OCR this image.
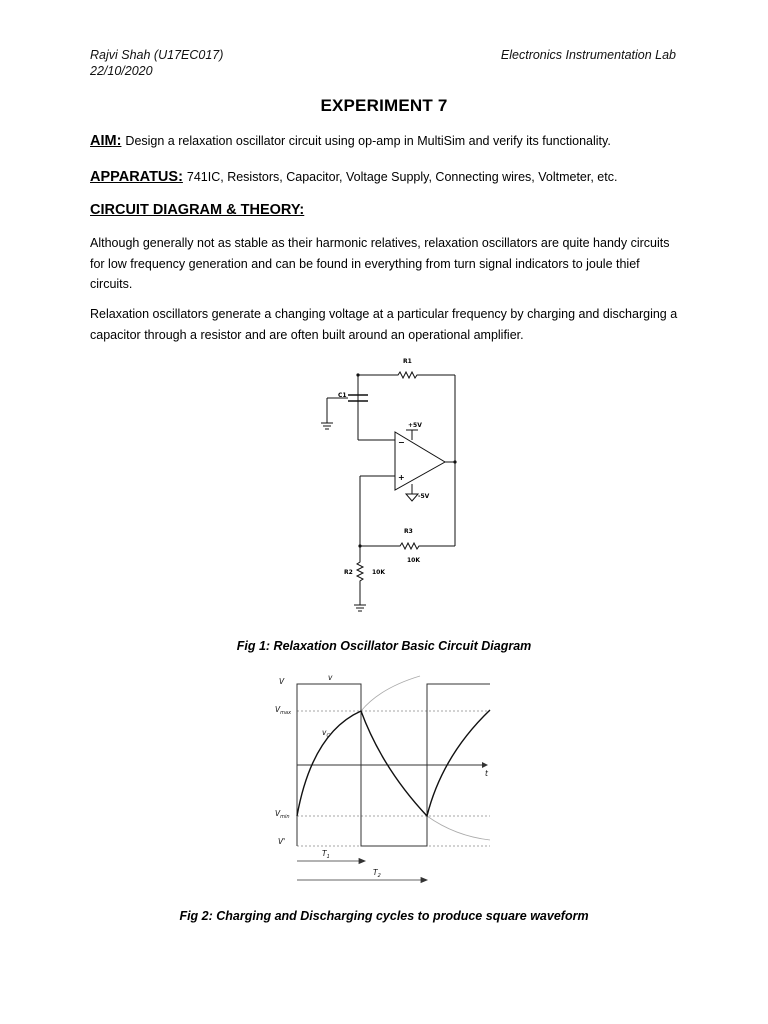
Rajvi Shah (U17EC017)
22/10/2020
Electronics Instrumentation Lab
EXPERIMENT 7
AIM: Design a relaxation oscillator circuit using op-amp in MultiSim and verify its functionality.
APPARATUS: 741IC, Resistors, Capacitor, Voltage Supply, Connecting wires, Voltmeter, etc.
CIRCUIT DIAGRAM & THEORY:
Although generally not as stable as their harmonic relatives, relaxation oscillators are quite handy circuits for low frequency generation and can be found in everything from turn signal indicators to joule thief circuits.
Relaxation oscillators generate a changing voltage at a particular frequency by charging and discharging a capacitor through a resistor and are often built around an operational amplifier.
R1
C1
+5V
-5V
−
+
R3
10K
R2	10K
Fig 1: Relaxation Oscillator Basic Circuit Diagram
V	v
$V_{max}$
$v_C$
t
$V_{min}$
V'
$T_1$
$T_2$
Fig 2: Charging and Discharging cycles to produce square waveform
